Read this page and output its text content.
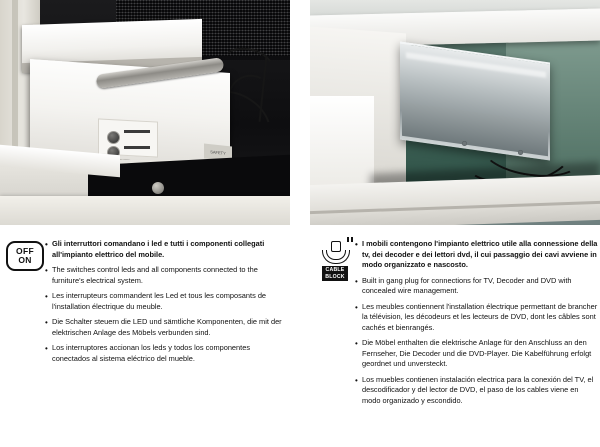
SAFETY
OFF
ON
• Gli interruttori comandano i led e tutti i componenti collegati all'impianto elettrico del mobile.
• The switches control leds and all components connected to the furniture's electrical system.
• Les interrupteurs commandent les Led et tous les composants de l'installation électrique du meuble.
• Die Schalter steuern die LED und sämtliche Komponenten, die mit der elektrischen Anlage des Möbels verbunden sind.
• Los interruptores accionan los leds y todos los componentes conectados al sistema eléctrico del mueble.
CABLE
BLOCK
• I mobili contengono l'impianto elettrico utile alla connessione della tv, dei decoder e dei lettori dvd, il cui passaggio dei cavi avviene in modo organizzato e nascosto.
• Built in gang plug for connections for TV, Decoder and DVD with concealed wire management.
• Les meubles contiennent l'installation électrique permettant de brancher la télévision, les décodeurs et les lecteurs de DVD, dont les câbles sont cachés et bienrangés.
• Die Möbel enthalten die elektrische Anlage für den Anschluss an den Fernseher, Die Decoder und die DVD-Player. Die Kabelführung erfolgt geordnet und unversteckt.
• Los muebles contienen instalación electrica para la conexión del TV, el descodificador y del lector de DVD, el paso de los cables viene en modo organizado y escondido.
